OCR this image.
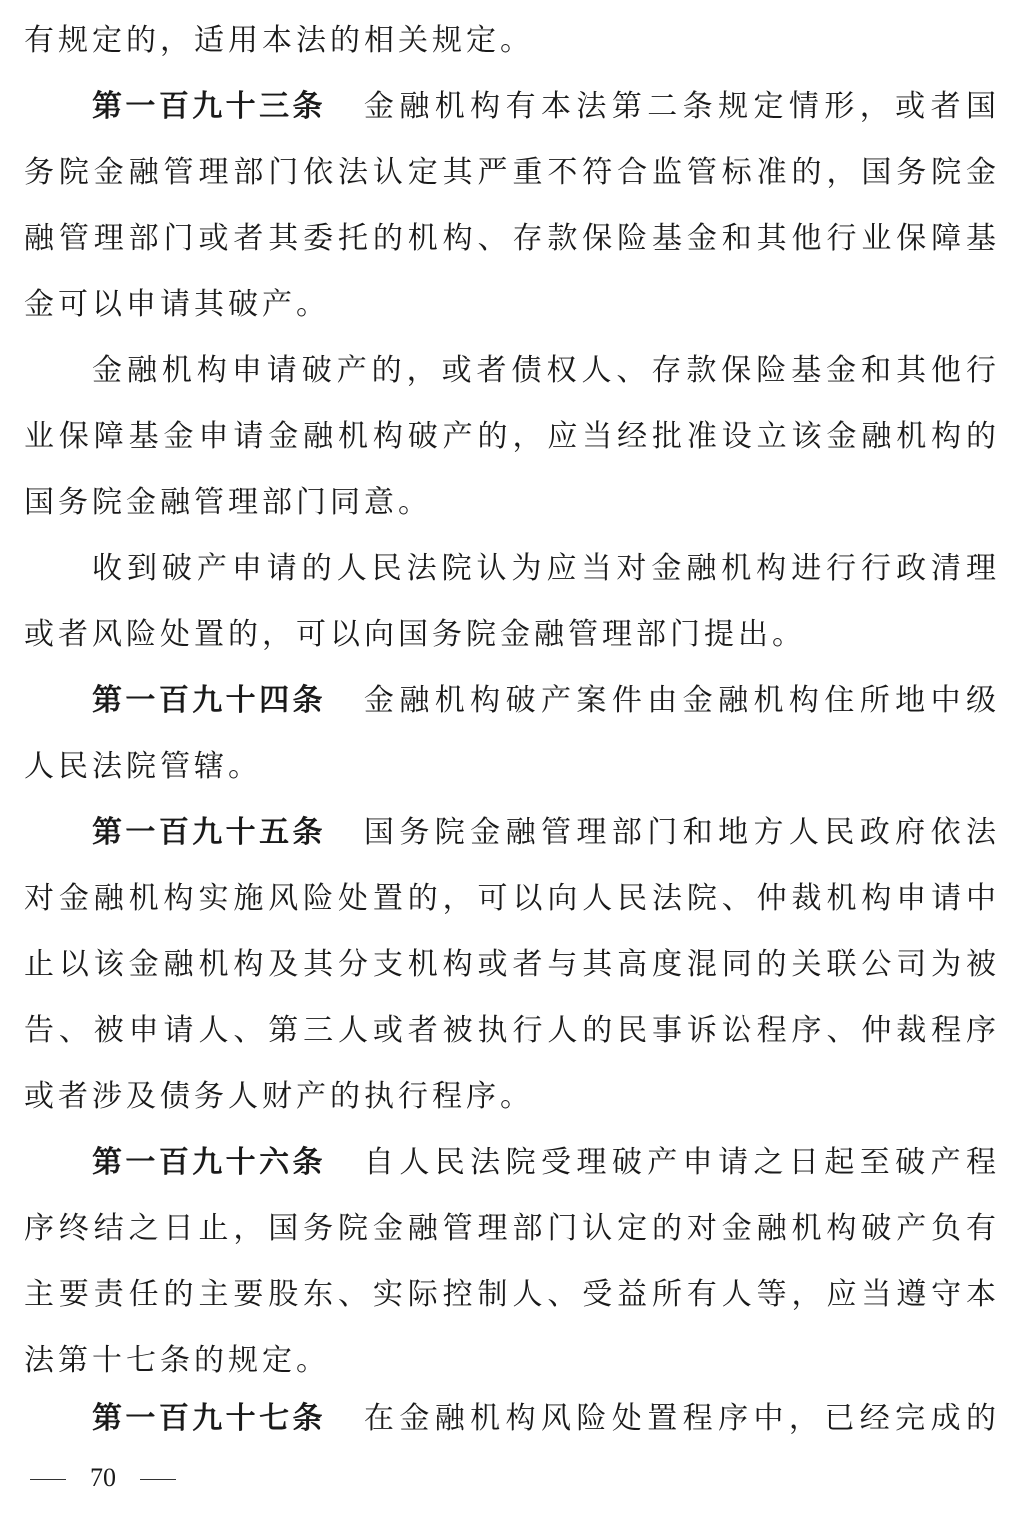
有规定的，适用本法的相关规定。
第一百九十三条 金融机构有本法第二条规定情形，或者国
务院金融管理部门依法认定其严重不符合监管标准的，国务院金
融管理部门或者其委托的机构、存款保险基金和其他行业保障基
金可以申请其破产。
金融机构申请破产的，或者债权人、存款保险基金和其他行
业保障基金申请金融机构破产的，应当经批准设立该金融机构的
国务院金融管理部门同意。
收到破产申请的人民法院认为应当对金融机构进行行政清理
或者风险处置的，可以向国务院金融管理部门提出。
第一百九十四条 金融机构破产案件由金融机构住所地中级
人民法院管辖。
第一百九十五条 国务院金融管理部门和地方人民政府依法
对金融机构实施风险处置的，可以向人民法院、仲裁机构申请中
止以该金融机构及其分支机构或者与其高度混同的关联公司为被
告、被申请人、第三人或者被执行人的民事诉讼程序、仲裁程序
或者涉及债务人财产的执行程序。
第一百九十六条 自人民法院受理破产申请之日起至破产程
序终结之日止，国务院金融管理部门认定的对金融机构破产负有
主要责任的主要股东、实际控制人、受益所有人等，应当遵守本
法第十七条的规定。
第一百九十七条 在金融机构风险处置程序中，已经完成的
70
